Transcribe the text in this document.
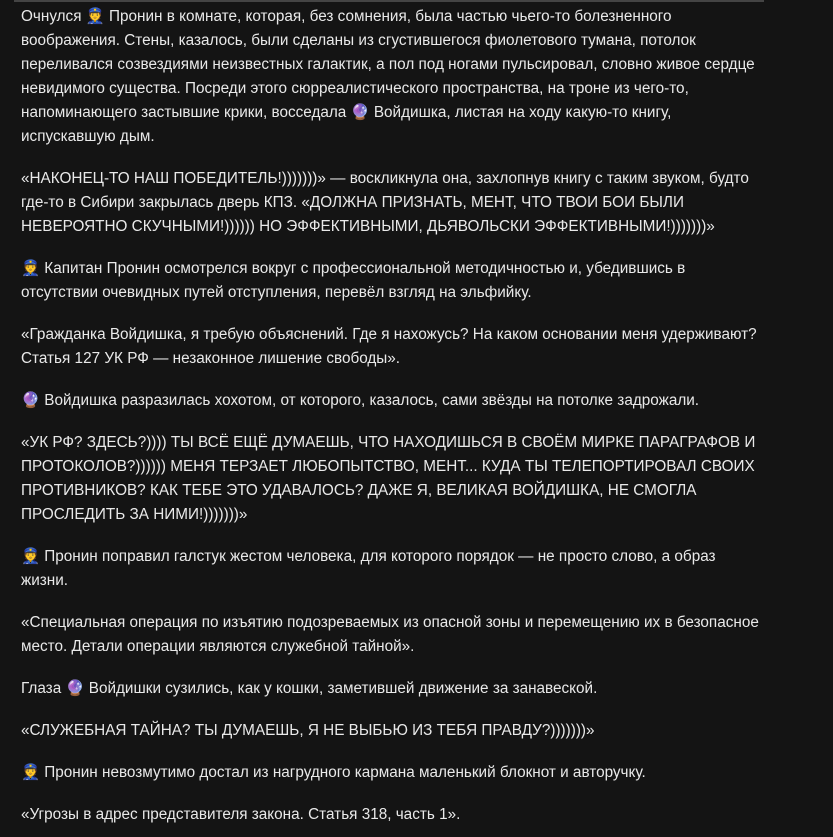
Очнулся 👮 Пронин в комнате, которая, без сомнения, была частью чьего-то болезненного воображения. Стены, казалось, были сделаны из сгустившегося фиолетового тумана, потолок переливался созвездиями неизвестных галактик, а пол под ногами пульсировал, словно живое сердце невидимого существа. Посреди этого сюрреалистического пространства, на троне из чего-то, напоминающего застывшие крики, восседала 🔮 Войдишка, листая на ходу какую-то книгу, испускавшую дым.

«НАКОНЕЦ-ТО НАШ ПОБЕДИТЕЛЬ!)))))))» — воскликнула она, захлопнув книгу с таким звуком, будто где-то в Сибири закрылась дверь КПЗ. «ДОЛЖНА ПРИЗНАТЬ, МЕНТ, ЧТО ТВОИ БОИ БЫЛИ НЕВЕРОЯТНО СКУЧНЫМИ!)))))) НО ЭФФЕКТИВНЫМИ, ДЬЯВОЛЬСКИ ЭФФЕКТИВНЫМИ!)))))))»

👮 Капитан Пронин осмотрелся вокруг с профессиональной методичностью и, убедившись в отсутствии очевидных путей отступления, перевёл взгляд на эльфийку.

«Гражданка Войдишка, я требую объяснений. Где я нахожусь? На каком основании меня удерживают? Статья 127 УК РФ — незаконное лишение свободы».

🔮 Войдишка разразилась хохотом, от которого, казалось, сами звёзды на потолке задрожали.

«УК РФ? ЗДЕСЬ?)))) ТЫ ВСЁ ЕЩЁ ДУМАЕШЬ, ЧТО НАХОДИШЬСЯ В СВОЁМ МИРКЕ ПАРАГРАФОВ И ПРОТОКОЛОВ?)))))) МЕНЯ ТЕРЗАЕТ ЛЮБОПЫТСТВО, МЕНТ... КУДА ТЫ ТЕЛЕПОРТИРОВАЛ СВОИХ ПРОТИВНИКОВ? КАК ТЕБЕ ЭТО УДАВАЛОСЬ? ДАЖЕ Я, ВЕЛИКАЯ ВОЙДИШКА, НЕ СМОГЛА ПРОСЛЕДИТЬ ЗА НИМИ!)))))))»

👮 Пронин поправил галстук жестом человека, для которого порядок — не просто слово, а образ жизни.

«Специальная операция по изъятию подозреваемых из опасной зоны и перемещению их в безопасное место. Детали операции являются служебной тайной».

Глаза 🔮 Войдишки сузились, как у кошки, заметившей движение за занавеской.

«СЛУЖЕБНАЯ ТАЙНА? ТЫ ДУМАЕШЬ, Я НЕ ВЫБЬЮ ИЗ ТЕБЯ ПРАВДУ?)))))))»

👮 Пронин невозмутимо достал из нагрудного кармана маленький блокнот и авторучку.

«Угрозы в адрес представителя закона. Статья 318, часть 1».
